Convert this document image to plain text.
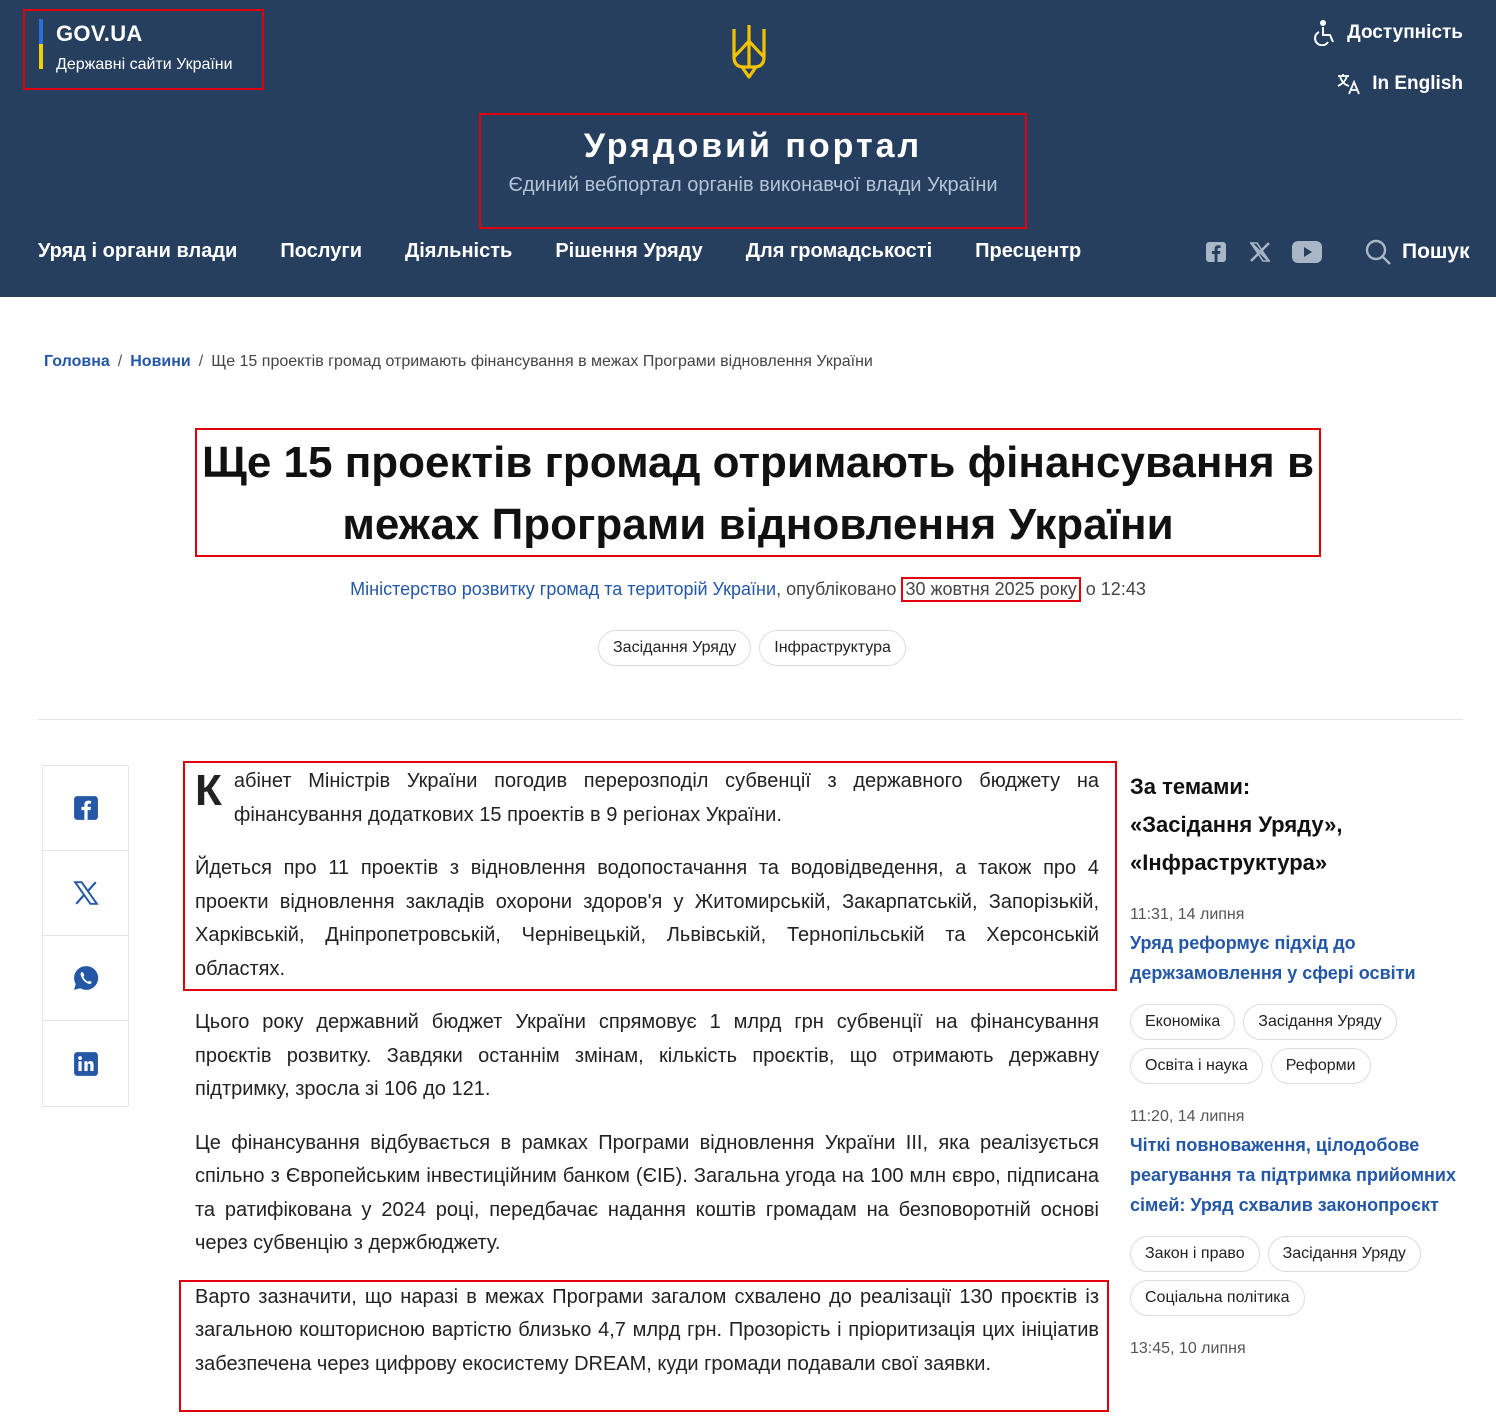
GOV.UA
Державні сайти України
Доступність
In English
Урядовий портал
Єдиний вебпортал органів виконавчої влади України
Уряд і органи влади Послуги Діяльність Рішення Уряду Для громадськості Пресцентр	Пошук
Головна / Новини / Ще 15 проектів громад отримають фінансування в межах Програми відновлення України
Ще 15 проектів громад отримають фінансування в межах Програми відновлення України
Міністерство розвитку громад та територій України, опубліковано 30 жовтня 2025 року о 12:43
Засідання Уряду	Інфраструктура

Кабінет Міністрів України погодив перерозподіл субвенції з державного бюджету на фінансування додаткових 15 проектів в 9 регіонах України.

Йдеться про 11 проектів з відновлення водопостачання та водовідведення, а також про 4 проекти відновлення закладів охорони здоров'я у Житомирській, Закарпатській, Запорізькій, Харківській, Дніпропетровській, Чернівецькій, Львівській, Тернопільській та Херсонській областях.

Цього року державний бюджет України спрямовує 1 млрд грн субвенції на фінансування проєктів розвитку. Завдяки останнім змінам, кількість проєктів, що отримають державну підтримку, зросла зі 106 до 121.

Це фінансування відбувається в рамках Програми відновлення України ІІІ, яка реалізується спільно з Європейським інвестиційним банком (ЄІБ). Загальна угода на 100 млн євро, підписана та ратифікована у 2024 році, передбачає надання коштів громадам на безповоротній основі через субвенцію з держбюджету.

Варто зазначити, що наразі в межах Програми загалом схвалено до реалізації 130 проєктів із загальною кошторисною вартістю близько 4,7 млрд грн. Прозорість і пріоритизація цих ініціатив забезпечена через цифрову екосистему DREAM, куди громади подавали свої заявки.

За темами:
«Засідання Уряду»,
«Інфраструктура»
11:31, 14 липня
Уряд реформує підхід до держзамовлення у сфері освіти
Економіка	Засідання Уряду
Освіта і наука	Реформи
11:20, 14 липня
Чіткі повноваження, цілодобове реагування та підтримка прийомних сімей: Уряд схвалив законопроєкт
Закон і право	Засідання Уряду
Соціальна політика
13:45, 10 липня
